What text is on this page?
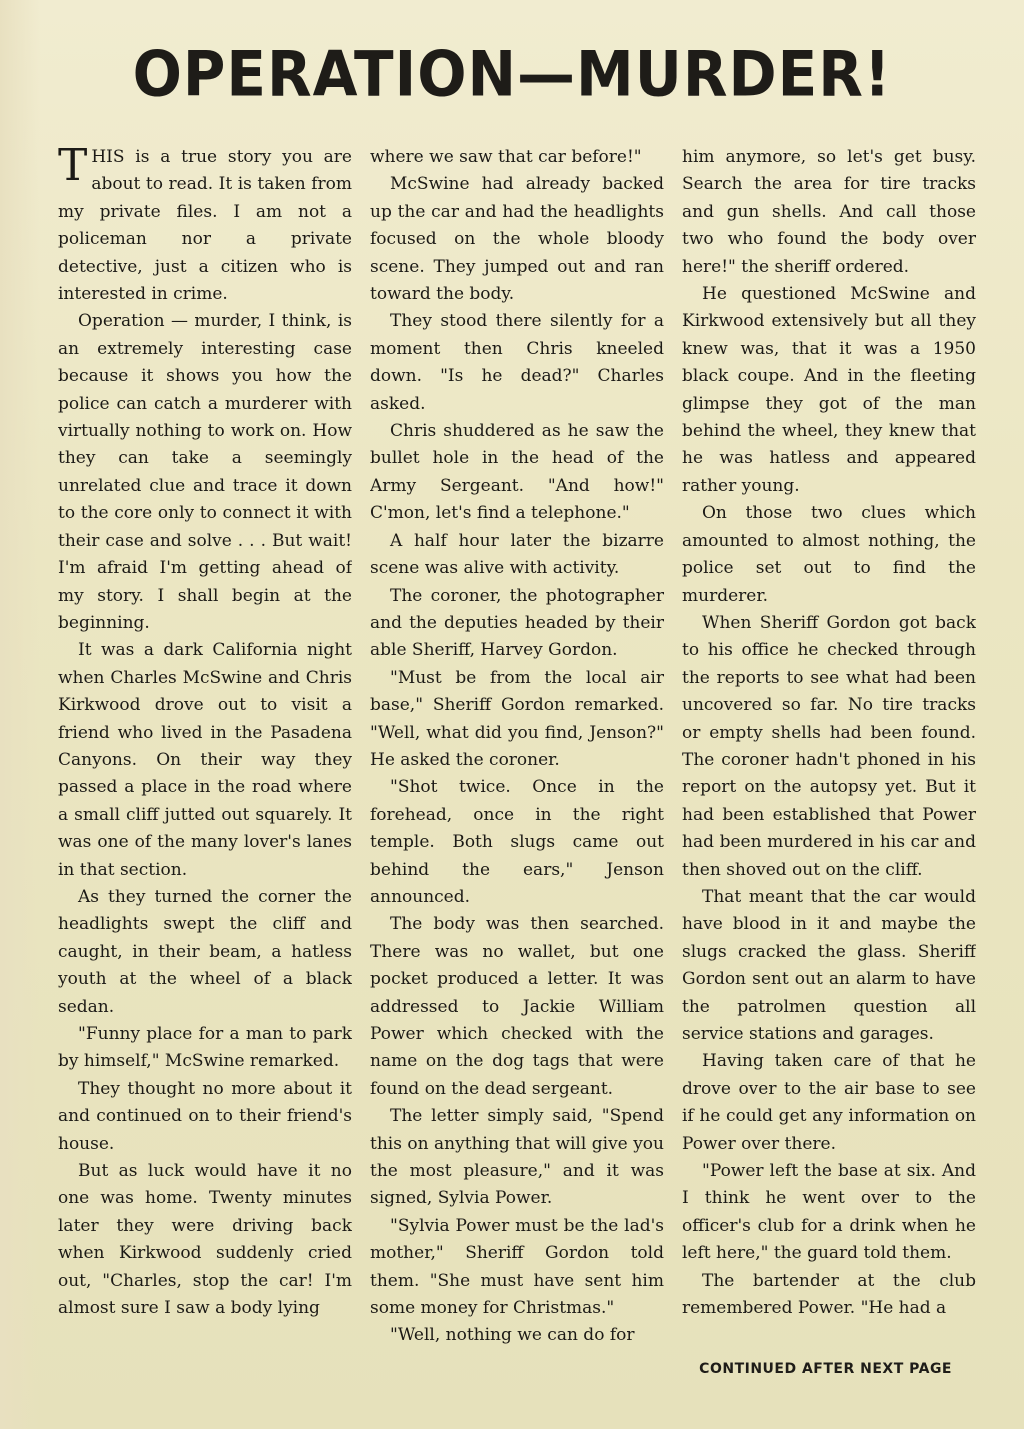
OPERATION—MURDER!

THIS is a true story you are about to read. It is taken from my private files. I am not a policeman nor a private detective, just a citizen who is interested in crime.

Operation — murder, I think, is an extremely interesting case because it shows you how the police can catch a murderer with virtually nothing to work on. How they can take a seemingly unrelated clue and trace it down to the core only to connect it with their case and solve . . . But wait! I'm afraid I'm getting ahead of my story. I shall begin at the beginning.

It was a dark California night when Charles McSwine and Chris Kirkwood drove out to visit a friend who lived in the Pasadena Canyons. On their way they passed a place in the road where a small cliff jutted out squarely. It was one of the many lover's lanes in that section.

As they turned the corner the headlights swept the cliff and caught, in their beam, a hatless youth at the wheel of a black sedan.

"Funny place for a man to park by himself," McSwine remarked.

They thought no more about it and continued on to their friend's house.

But as luck would have it no one was home. Twenty minutes later they were driving back when Kirkwood suddenly cried out, "Charles, stop the car! I'm almost sure I saw a body lying

where we saw that car before!"

McSwine had already backed up the car and had the headlights focused on the whole bloody scene. They jumped out and ran toward the body.

They stood there silently for a moment then Chris kneeled down. "Is he dead?" Charles asked.

Chris shuddered as he saw the bullet hole in the head of the Army Sergeant. "And how!" C'mon, let's find a telephone."

A half hour later the bizarre scene was alive with activity.

The coroner, the photographer and the deputies headed by their able Sheriff, Harvey Gordon.

"Must be from the local air base," Sheriff Gordon remarked. "Well, what did you find, Jenson?" He asked the coroner.

"Shot twice. Once in the forehead, once in the right temple. Both slugs came out behind the ears," Jenson announced.

The body was then searched. There was no wallet, but one pocket produced a letter. It was addressed to Jackie William Power which checked with the name on the dog tags that were found on the dead sergeant.

The letter simply said, "Spend this on anything that will give you the most pleasure," and it was signed, Sylvia Power.

"Sylvia Power must be the lad's mother," Sheriff Gordon told them. "She must have sent him some money for Christmas."

"Well, nothing we can do for

him anymore, so let's get busy. Search the area for tire tracks and gun shells. And call those two who found the body over here!" the sheriff ordered.

He questioned McSwine and Kirkwood extensively but all they knew was, that it was a 1950 black coupe. And in the fleeting glimpse they got of the man behind the wheel, they knew that he was hatless and appeared rather young.

On those two clues which amounted to almost nothing, the police set out to find the murderer.

When Sheriff Gordon got back to his office he checked through the reports to see what had been uncovered so far. No tire tracks or empty shells had been found. The coroner hadn't phoned in his report on the autopsy yet. But it had been established that Power had been murdered in his car and then shoved out on the cliff.

That meant that the car would have blood in it and maybe the slugs cracked the glass. Sheriff Gordon sent out an alarm to have the patrolmen question all service stations and garages.

Having taken care of that he drove over to the air base to see if he could get any information on Power over there.

"Power left the base at six. And I think he went over to the officer's club for a drink when he left here," the guard told them.

The bartender at the club remembered Power. "He had a

CONTINUED AFTER NEXT PAGE
